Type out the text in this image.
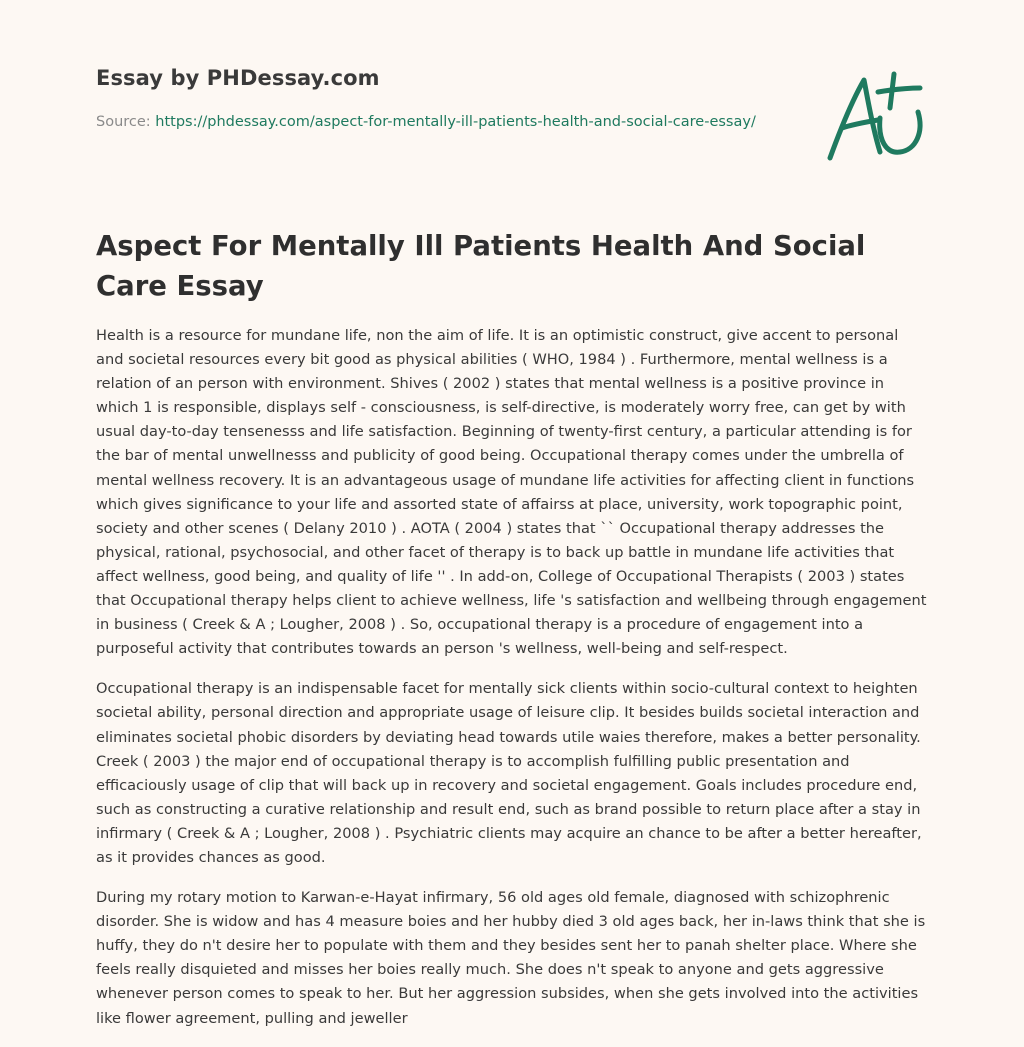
Essay by PHDessay.com
Source: https://phdessay.com/aspect-for-mentally-ill-patients-health-and-social-care-essay/
Aspect For Mentally Ill Patients Health And Social Care Essay

Health is a resource for mundane life, non the aim of life. It is an optimistic construct, give accent to personal and societal resources every bit good as physical abilities ( WHO, 1984 ) . Furthermore, mental wellness is a relation of an person with environment. Shives ( 2002 ) states that mental wellness is a positive province in which 1 is responsible, displays self - consciousness, is self-directive, is moderately worry free, can get by with usual day-to-day tensenesss and life satisfaction. Beginning of twenty-first century, a particular attending is for the bar of mental unwellnesss and publicity of good being. Occupational therapy comes under the umbrella of mental wellness recovery. It is an advantageous usage of mundane life activities for affecting client in functions which gives significance to your life and assorted state of affairss at place, university, work topographic point, society and other scenes ( Delany 2010 ) . AOTA ( 2004 ) states that `` Occupational therapy addresses the physical, rational, psychosocial, and other facet of therapy is to back up battle in mundane life activities that affect wellness, good being, and quality of life '' . In add-on, College of Occupational Therapists ( 2003 ) states that Occupational therapy helps client to achieve wellness, life 's satisfaction and wellbeing through engagement in business ( Creek & A ; Lougher, 2008 ) . So, occupational therapy is a procedure of engagement into a purposeful activity that contributes towards an person 's wellness, well-being and self-respect.

Occupational therapy is an indispensable facet for mentally sick clients within socio-cultural context to heighten societal ability, personal direction and appropriate usage of leisure clip. It besides builds societal interaction and eliminates societal phobic disorders by deviating head towards utile waies therefore, makes a better personality. Creek ( 2003 ) the major end of occupational therapy is to accomplish fulfilling public presentation and efficaciously usage of clip that will back up in recovery and societal engagement. Goals includes procedure end, such as constructing a curative relationship and result end, such as brand possible to return place after a stay in infirmary ( Creek & A ; Lougher, 2008 ) . Psychiatric clients may acquire an chance to be after a better hereafter, as it provides chances as good.

During my rotary motion to Karwan-e-Hayat infirmary, 56 old ages old female, diagnosed with schizophrenic disorder. She is widow and has 4 measure boies and her hubby died 3 old ages back, her in-laws think that she is huffy, they do n't desire her to populate with them and they besides sent her to panah shelter place. Where she feels really disquieted and misses her boies really much. She does n't speak to anyone and gets aggressive whenever person comes to speak to her. But her aggression subsides, when she gets involved into the activities like flower agreement, pulling and jeweller
